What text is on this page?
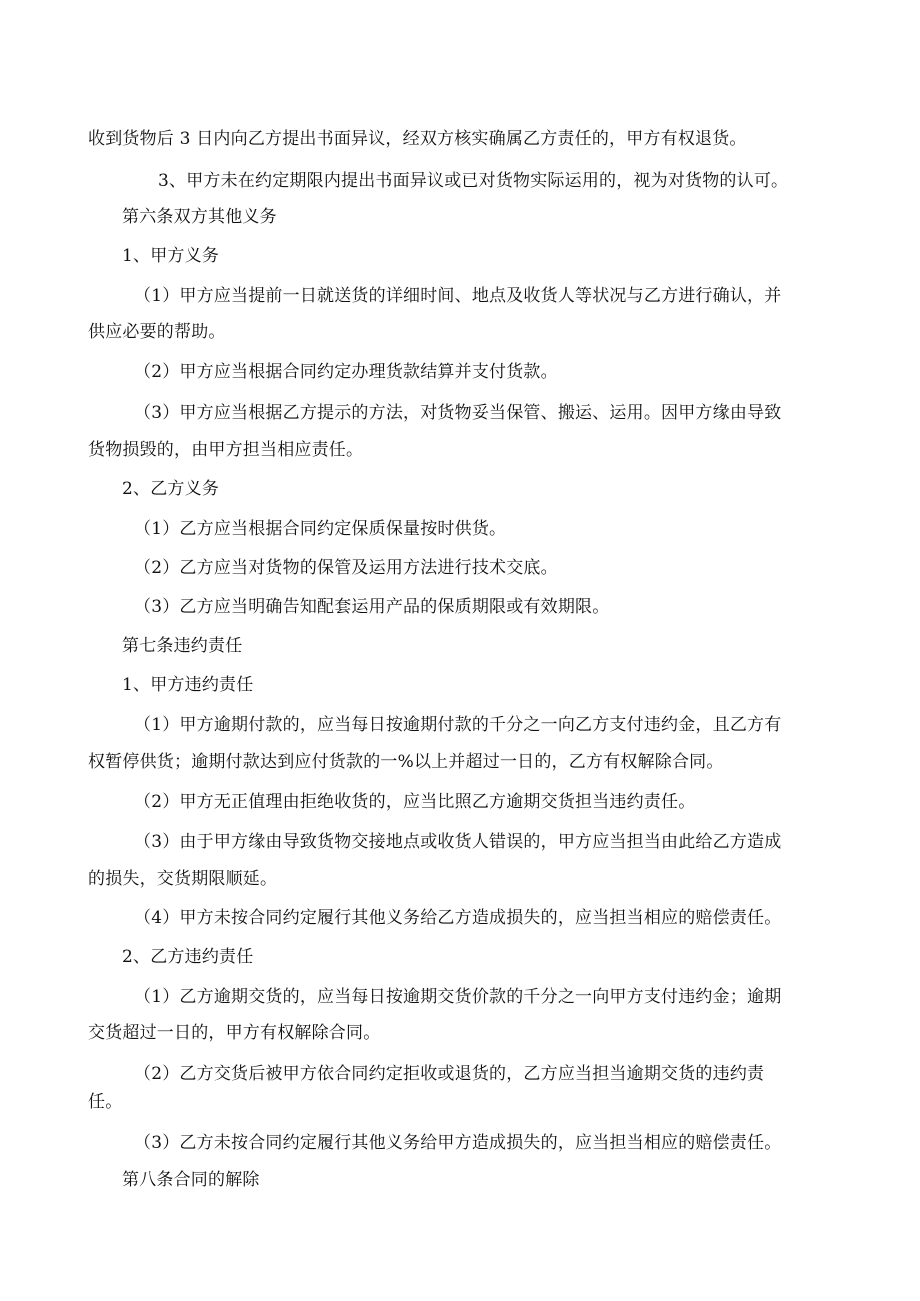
收到货物后 3 日内向乙方提出书面异议，经双方核实确属乙方责任的，甲方有权退货。
3、甲方未在约定期限内提出书面异议或已对货物实际运用的，视为对货物的认可。
第六条双方其他义务
1、甲方义务
（1）甲方应当提前一日就送货的详细时间、地点及收货人等状况与乙方进行确认，并
供应必要的帮助。
（2）甲方应当根据合同约定办理货款结算并支付货款。
（3）甲方应当根据乙方提示的方法，对货物妥当保管、搬运、运用。因甲方缘由导致
货物损毁的，由甲方担当相应责任。
2、乙方义务
（1）乙方应当根据合同约定保质保量按时供货。
（2）乙方应当对货物的保管及运用方法进行技术交底。
（3）乙方应当明确告知配套运用产品的保质期限或有效期限。
第七条违约责任
1、甲方违约责任
（1）甲方逾期付款的，应当每日按逾期付款的千分之一向乙方支付违约金，且乙方有
权暂停供货；逾期付款达到应付货款的一%以上并超过一日的，乙方有权解除合同。
（2）甲方无正值理由拒绝收货的，应当比照乙方逾期交货担当违约责任。
（3）由于甲方缘由导致货物交接地点或收货人错误的，甲方应当担当由此给乙方造成
的损失，交货期限顺延。
（4）甲方未按合同约定履行其他义务给乙方造成损失的，应当担当相应的赔偿责任。
2、乙方违约责任
（1）乙方逾期交货的，应当每日按逾期交货价款的千分之一向甲方支付违约金；逾期
交货超过一日的，甲方有权解除合同。
（2）乙方交货后被甲方依合同约定拒收或退货的，乙方应当担当逾期交货的违约责
任。
（3）乙方未按合同约定履行其他义务给甲方造成损失的，应当担当相应的赔偿责任。
第八条合同的解除
